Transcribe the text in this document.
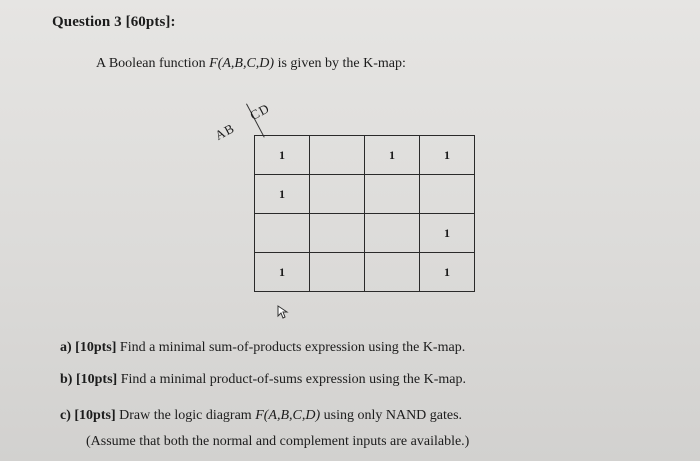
Question 3 [60pts]:
A Boolean function F(A,B,C,D) is given by the K-map:
AB
CD
1		1	1
1			
			1
1			1
a) [10pts] Find a minimal sum-of-products expression using the K-map.
b) [10pts] Find a minimal product-of-sums expression using the K-map.
c) [10pts] Draw the logic diagram F(A,B,C,D) using only NAND gates.
(Assume that both the normal and complement inputs are available.)
